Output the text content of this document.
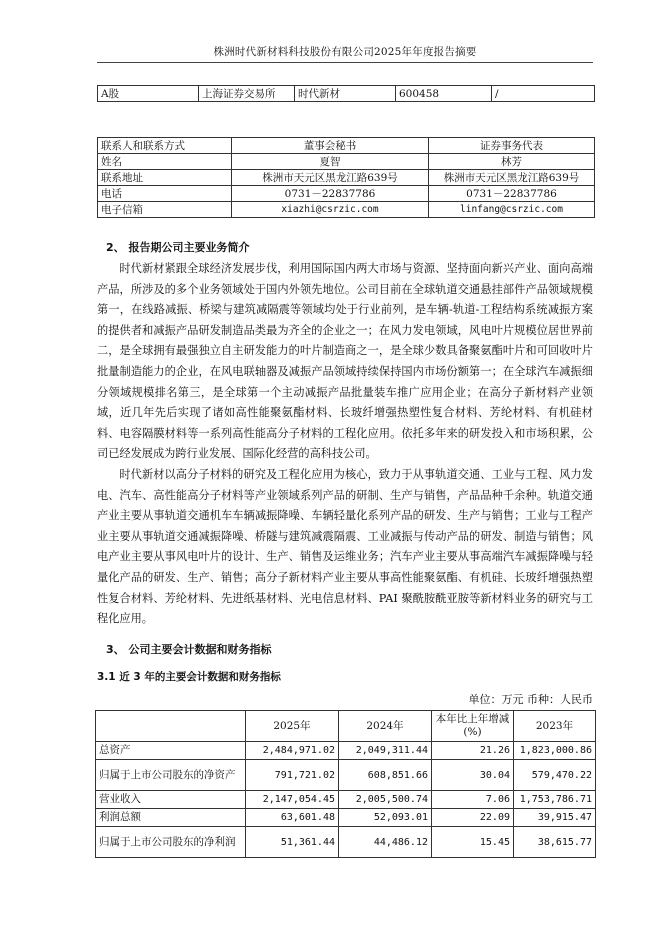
株洲时代新材料科技股份有限公司2025年年度报告摘要
A股	上海证券交易所	时代新材	600458	/
联系人和联系方式	董事会秘书	证券事务代表
姓名	夏智	林芳
联系地址	株洲市天元区黑龙江路639号	株洲市天元区黑龙江路639号
电话	0731－22837786	0731－22837786
电子信箱	xiazhi@csrzic.com	linfang@csrzic.com
2、 报告期公司主要业务简介

时代新材紧跟全球经济发展步伐，利用国际国内两大市场与资源、坚持面向新兴产业、面向高端产品，所涉及的多个业务领域处于国内外领先地位。公司目前在全球轨道交通悬挂部件产品领域规模第一，在线路减振、桥梁与建筑减隔震等领域均处于行业前列，是车辆-轨道-工程结构系统减振方案的提供者和减振产品研发制造品类最为齐全的企业之一；在风力发电领域，风电叶片规模位居世界前二，是全球拥有最强独立自主研发能力的叶片制造商之一，是全球少数具备聚氨酯叶片和可回收叶片批量制造能力的企业，在风电联轴器及减振产品领域持续保持国内市场份额第一；在全球汽车减振细分领域规模排名第三，是全球第一个主动减振产品批量装车推广应用企业；在高分子新材料产业领域，近几年先后实现了诸如高性能聚氨酯材料、长玻纤增强热塑性复合材料、芳纶材料、有机硅材料、电容隔膜材料等一系列高性能高分子材料的工程化应用。依托多年来的研发投入和市场积累，公司已经发展成为跨行业发展、国际化经营的高科技公司。

时代新材以高分子材料的研究及工程化应用为核心，致力于从事轨道交通、工业与工程、风力发电、汽车、高性能高分子材料等产业领域系列产品的研制、生产与销售，产品品种千余种。轨道交通产业主要从事轨道交通机车车辆减振降噪、车辆轻量化系列产品的研发、生产与销售；工业与工程产业主要从事轨道交通减振降噪、桥隧与建筑减震隔震、工业减振与传动产品的研发、制造与销售；风电产业主要从事风电叶片的设计、生产、销售及运维业务；汽车产业主要从事高端汽车减振降噪与轻量化产品的研发、生产、销售；高分子新材料产业主要从事高性能聚氨酯、有机硅、长玻纤增强热塑性复合材料、芳纶材料、先进纸基材料、光电信息材料、PAI 聚酰胺酰亚胺等新材料业务的研究与工程化应用。

3、 公司主要会计数据和财务指标
3.1 近 3 年的主要会计数据和财务指标
单位：万元 币种：人民币
	2025年	2024年	本年比上年增减(%)	2023年
总资产	2,484,971.02	2,049,311.44	21.26	1,823,000.86
归属于上市公司股东的净资产	791,721.02	608,851.66	30.04	579,470.22
营业收入	2,147,054.45	2,005,500.74	7.06	1,753,786.71
利润总额	63,601.48	52,093.01	22.09	39,915.47
归属于上市公司股东的净利润	51,361.44	44,486.12	15.45	38,615.77
